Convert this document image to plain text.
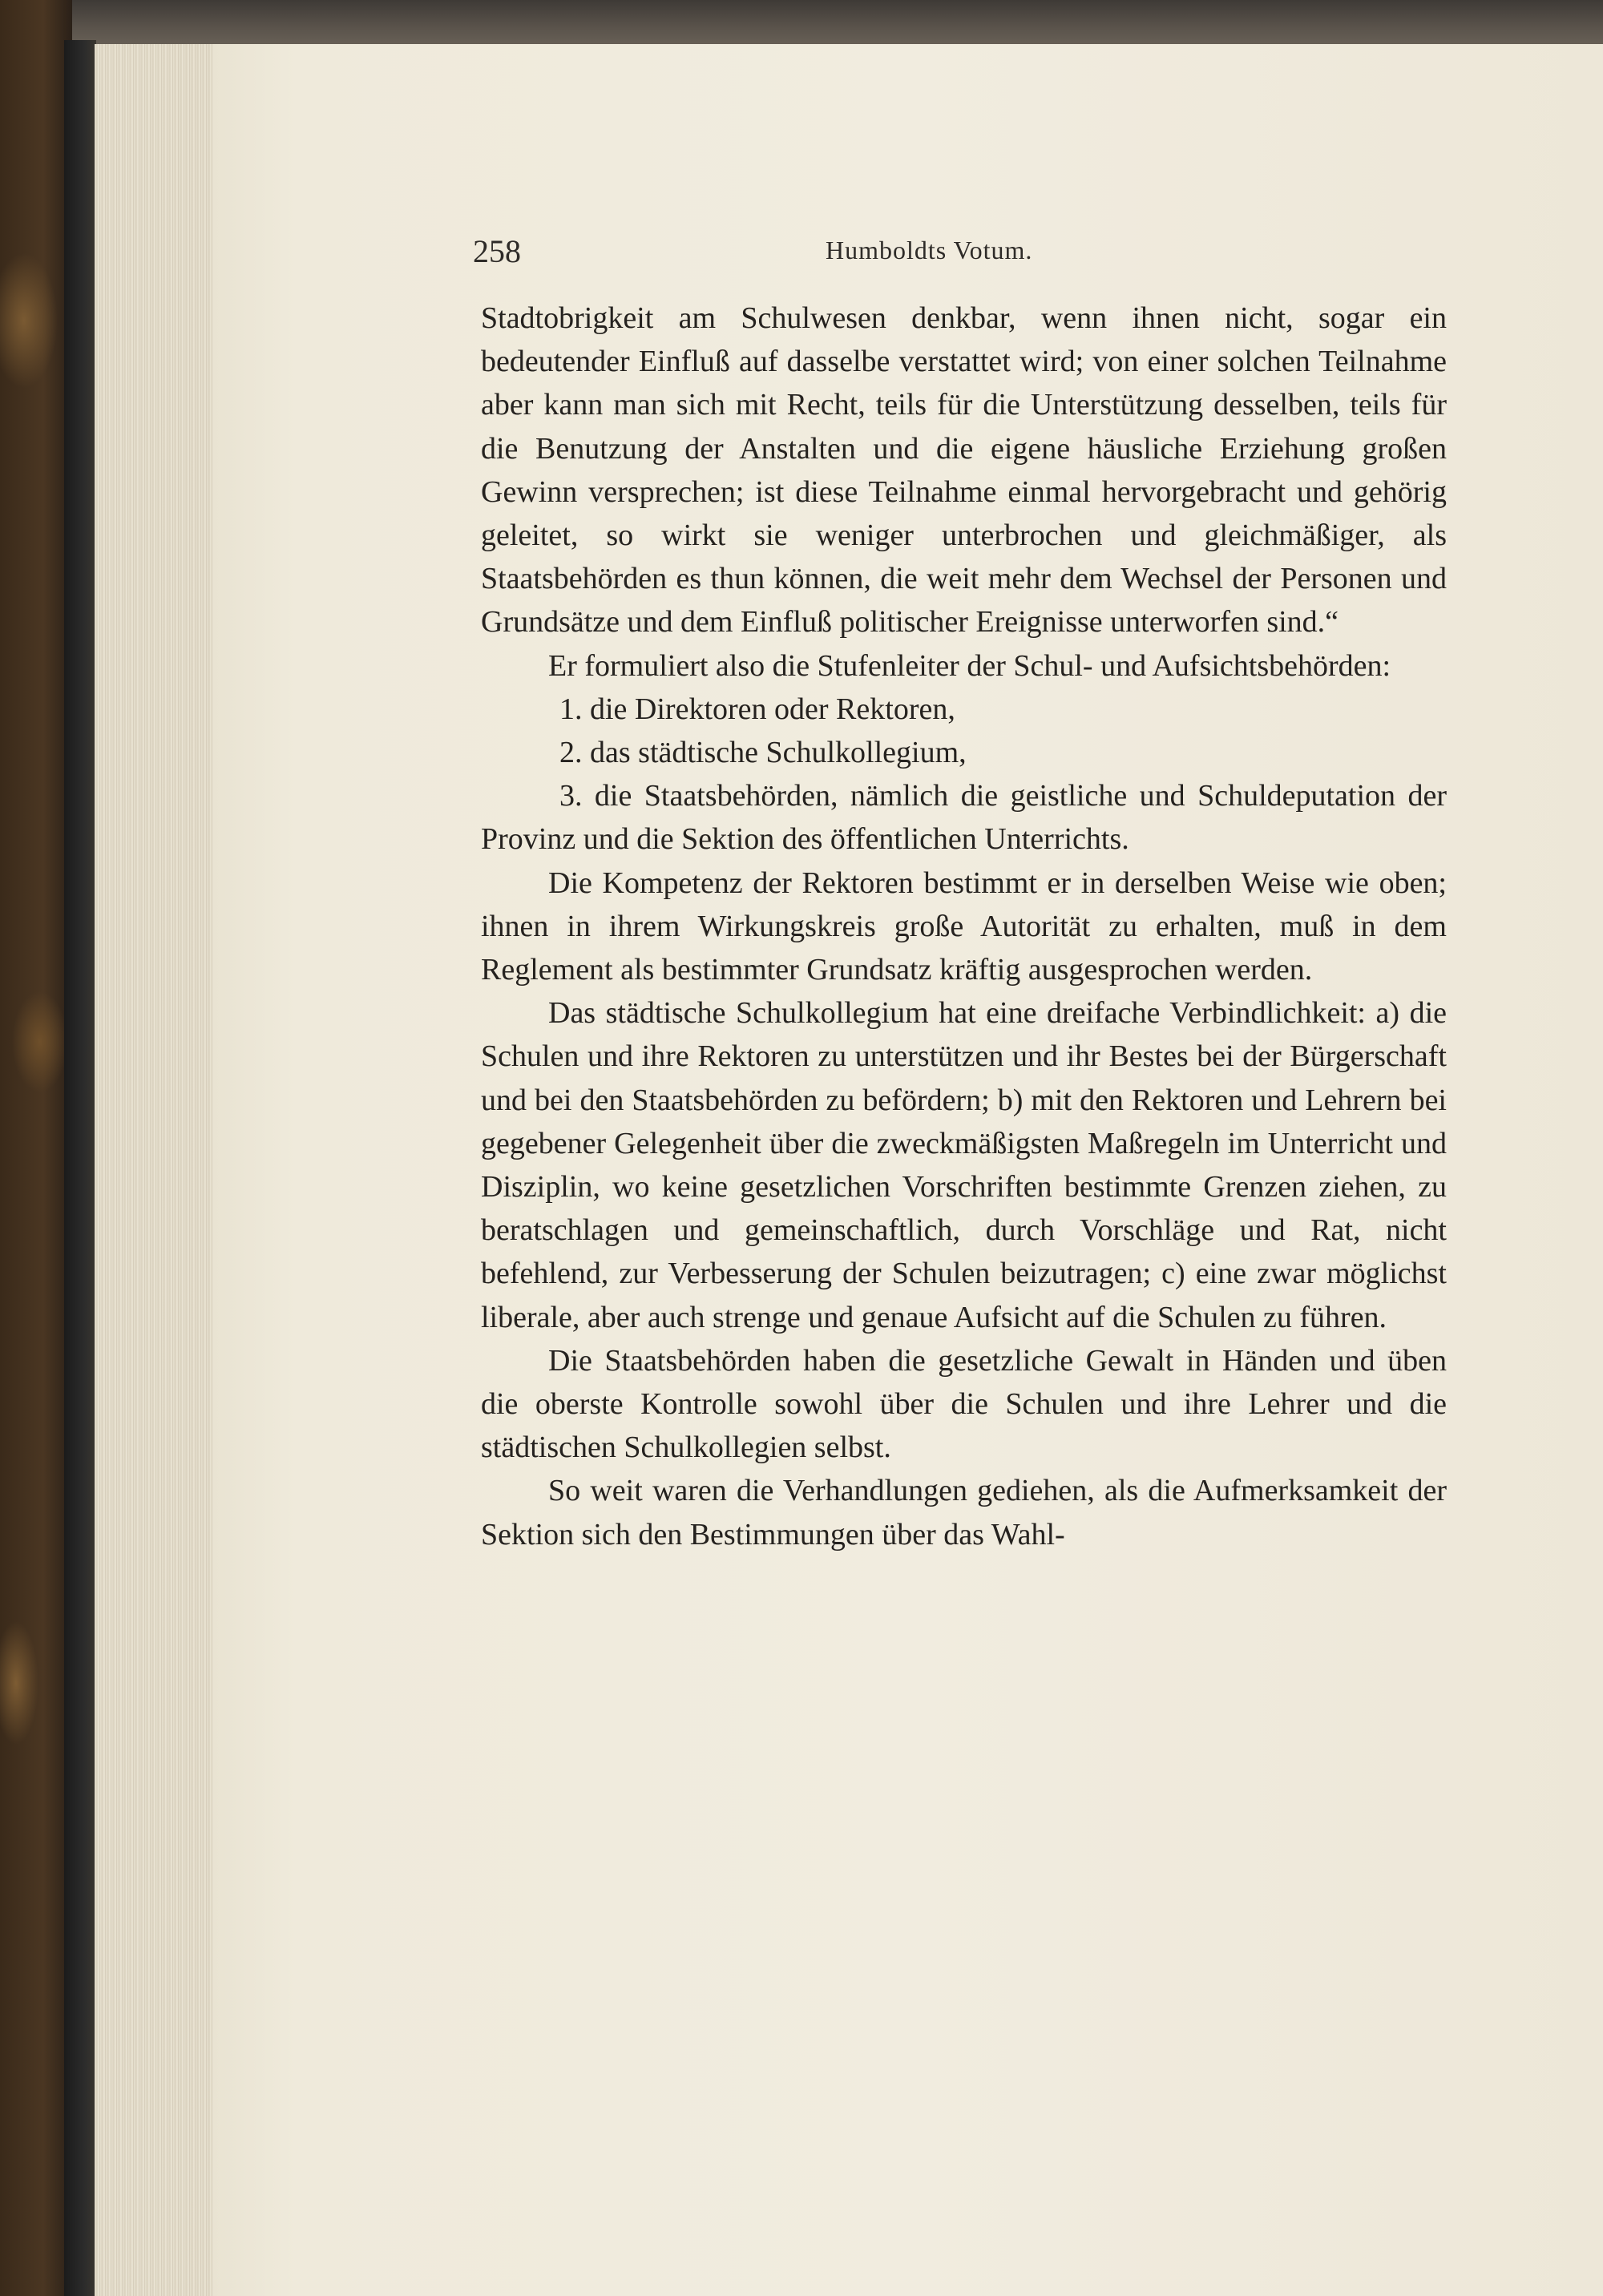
258	Humboldts Votum.

Stadtobrigkeit am Schulwesen denkbar, wenn ihnen nicht, sogar ein bedeutender Einfluß auf dasselbe verstattet wird; von einer solchen Teilnahme aber kann man sich mit Recht, teils für die Unterstützung desselben, teils für die Benutzung der Anstalten und die eigene häusliche Erziehung großen Gewinn versprechen; ist diese Teilnahme einmal hervorgebracht und gehörig geleitet, so wirkt sie weniger unterbrochen und gleichmäßiger, als Staatsbehörden es thun können, die weit mehr dem Wechsel der Personen und Grundsätze und dem Einfluß politischer Ereignisse unterworfen sind.“

Er formuliert also die Stufenleiter der Schul- und Aufsichtsbehörden:

1. die Direktoren oder Rektoren,

2. das städtische Schulkollegium,

3. die Staatsbehörden, nämlich die geistliche und Schuldeputation der Provinz und die Sektion des öffentlichen Unterrichts.

Die Kompetenz der Rektoren bestimmt er in derselben Weise wie oben; ihnen in ihrem Wirkungskreis große Autorität zu erhalten, muß in dem Reglement als bestimmter Grundsatz kräftig ausgesprochen werden.

Das städtische Schulkollegium hat eine dreifache Verbindlichkeit: a) die Schulen und ihre Rektoren zu unterstützen und ihr Bestes bei der Bürgerschaft und bei den Staatsbehörden zu befördern; b) mit den Rektoren und Lehrern bei gegebener Gelegenheit über die zweckmäßigsten Maßregeln im Unterricht und Disziplin, wo keine gesetzlichen Vorschriften bestimmte Grenzen ziehen, zu beratschlagen und gemeinschaftlich, durch Vorschläge und Rat, nicht befehlend, zur Verbesserung der Schulen beizutragen; c) eine zwar möglichst liberale, aber auch strenge und genaue Aufsicht auf die Schulen zu führen.

Die Staatsbehörden haben die gesetzliche Gewalt in Händen und üben die oberste Kontrolle sowohl über die Schulen und ihre Lehrer und die städtischen Schulkollegien selbst.

So weit waren die Verhandlungen gediehen, als die Aufmerksamkeit der Sektion sich den Bestimmungen über das Wahl-
